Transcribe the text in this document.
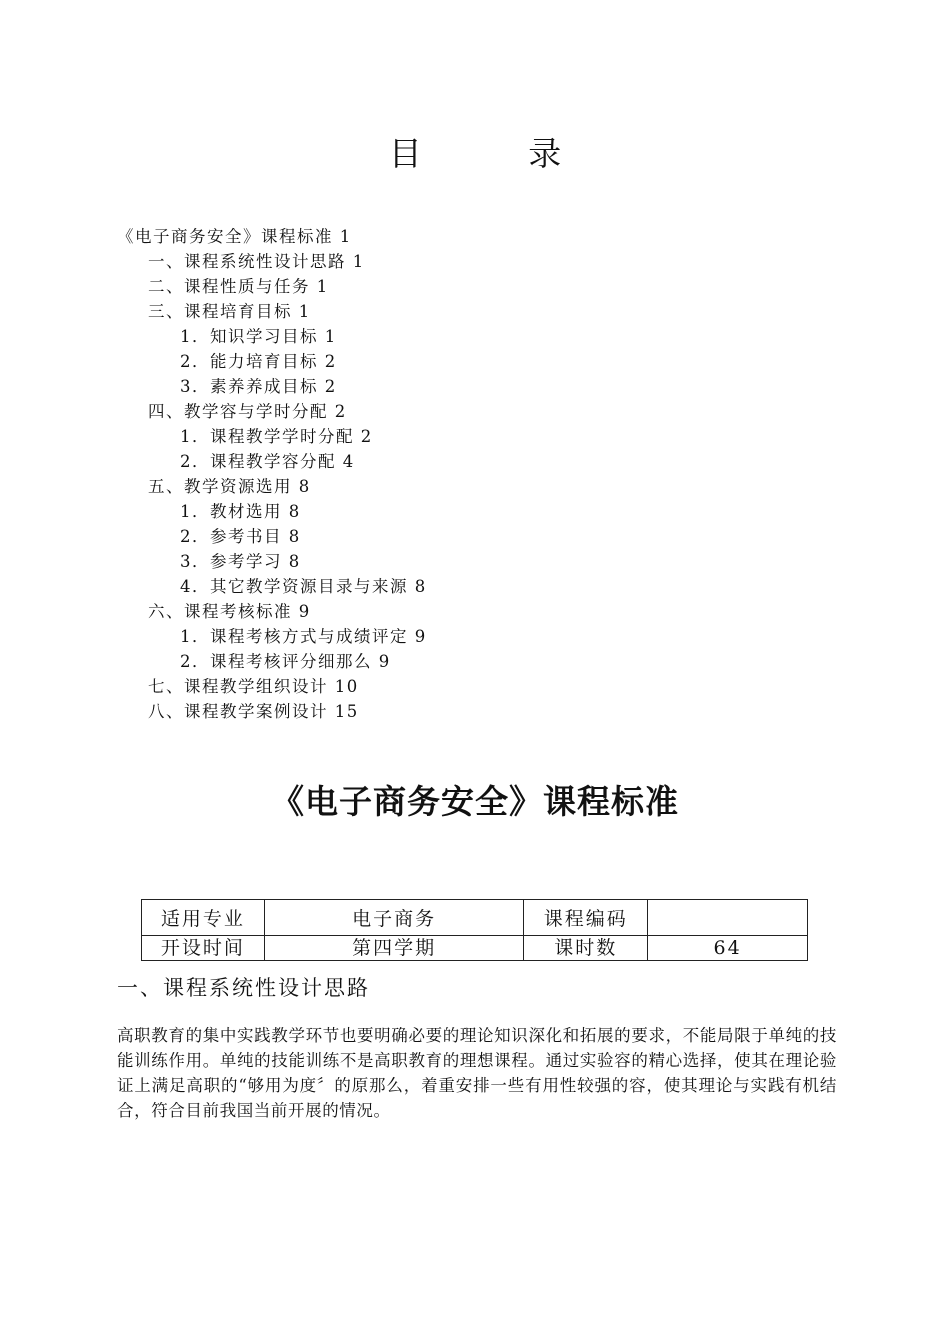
目 录
《电子商务安全》课程标准 1
一、课程系统性设计思路 1
二、课程性质与任务 1
三、课程培育目标 1
1．知识学习目标 1
2．能力培育目标 2
3．素养养成目标 2
四、教学容与学时分配 2
1．课程教学学时分配 2
2．课程教学容分配 4
五、教学资源选用 8
1．教材选用 8
2．参考书目 8
3．参考学习 8
4．其它教学资源目录与来源 8
六、课程考核标准 9
1．课程考核方式与成绩评定 9
2．课程考核评分细那么 9
七、课程教学组织设计 10
八、课程教学案例设计 15
《电子商务安全》课程标准
适用专业	电子商务	课程编码	
开设时间	第四学期	课时数	64
一、课程系统性设计思路

高职教育的集中实践教学环节也要明确必要的理论知识深化和拓展的要求，不能局限于单纯的技能训练作用。单纯的技能训练不是高职教育的理想课程。通过实验容的精心选择，使其在理论验证上满足高职的“够用为度〞的原那么，着重安排一些有用性较强的容，使其理论与实践有机结合，符合目前我国当前开展的情况。
